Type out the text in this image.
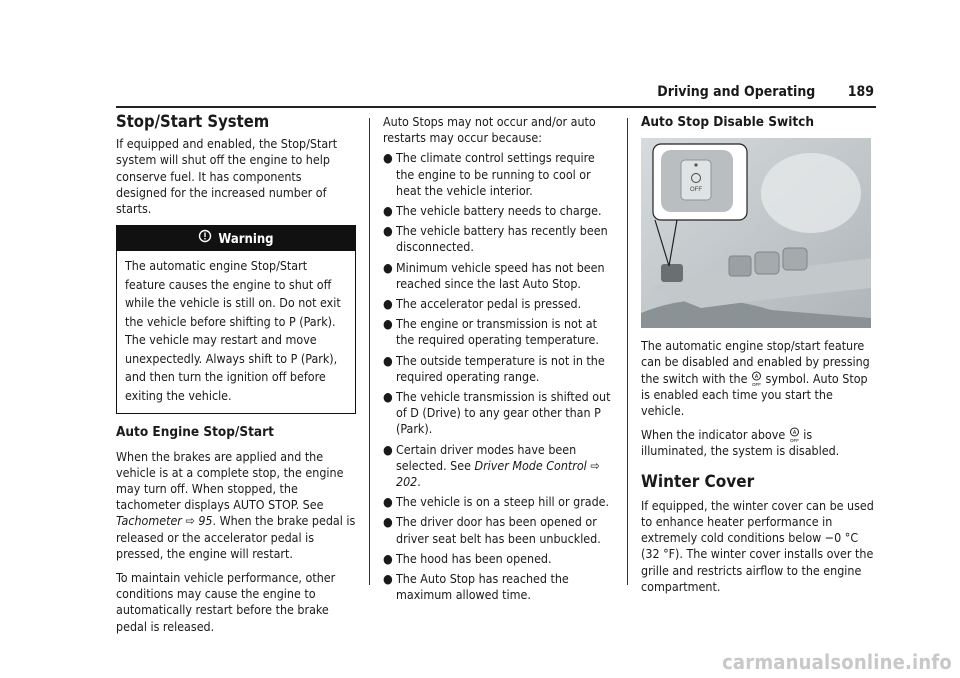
Driving and Operating 189
Stop/Start System

If equipped and enabled, the Stop/Start system will shut off the engine to help conserve fuel. It has components designed for the increased number of starts.

Warning
The automatic engine Stop/Start feature causes the engine to shut off while the vehicle is still on. Do not exit the vehicle before shifting to P (Park). The vehicle may restart and move unexpectedly. Always shift to P (Park), and then turn the ignition off before exiting the vehicle.
Auto Engine Stop/Start

When the brakes are applied and the vehicle is at a complete stop, the engine may turn off. When stopped, the tachometer displays AUTO STOP. See Tachometer ⇨ 95. When the brake pedal is released or the accelerator pedal is pressed, the engine will restart.

To maintain vehicle performance, other conditions may cause the engine to automatically restart before the brake pedal is released.

Auto Stops may not occur and/or auto restarts may occur because:

● The climate control settings require the engine to be running to cool or heat the vehicle interior.
● The vehicle battery needs to charge.
● The vehicle battery has recently been disconnected.
● Minimum vehicle speed has not been reached since the last Auto Stop.
● The accelerator pedal is pressed.
● The engine or transmission is not at the required operating temperature.
● The outside temperature is not in the required operating range.
● The vehicle transmission is shifted out of D (Drive) to any gear other than P (Park).
● Certain driver modes have been selected. See Driver Mode Control ⇨ 202.
● The vehicle is on a steep hill or grade.
● The driver door has been opened or driver seat belt has been unbuckled.
● The hood has been opened.
● The Auto Stop has reached the maximum allowed time.
Auto Stop Disable Switch
OFF

The automatic engine stop/start feature can be disabled and enabled by pressing the switch with the A
OFF symbol. Auto Stop is enabled each time you start the vehicle.

When the indicator above A
OFF is illuminated, the system is disabled.

Winter Cover

If equipped, the winter cover can be used to enhance heater performance in extremely cold conditions below −0 °C (32 °F). The winter cover installs over the grille and restricts airflow to the engine compartment.

carmanualsonline.info
